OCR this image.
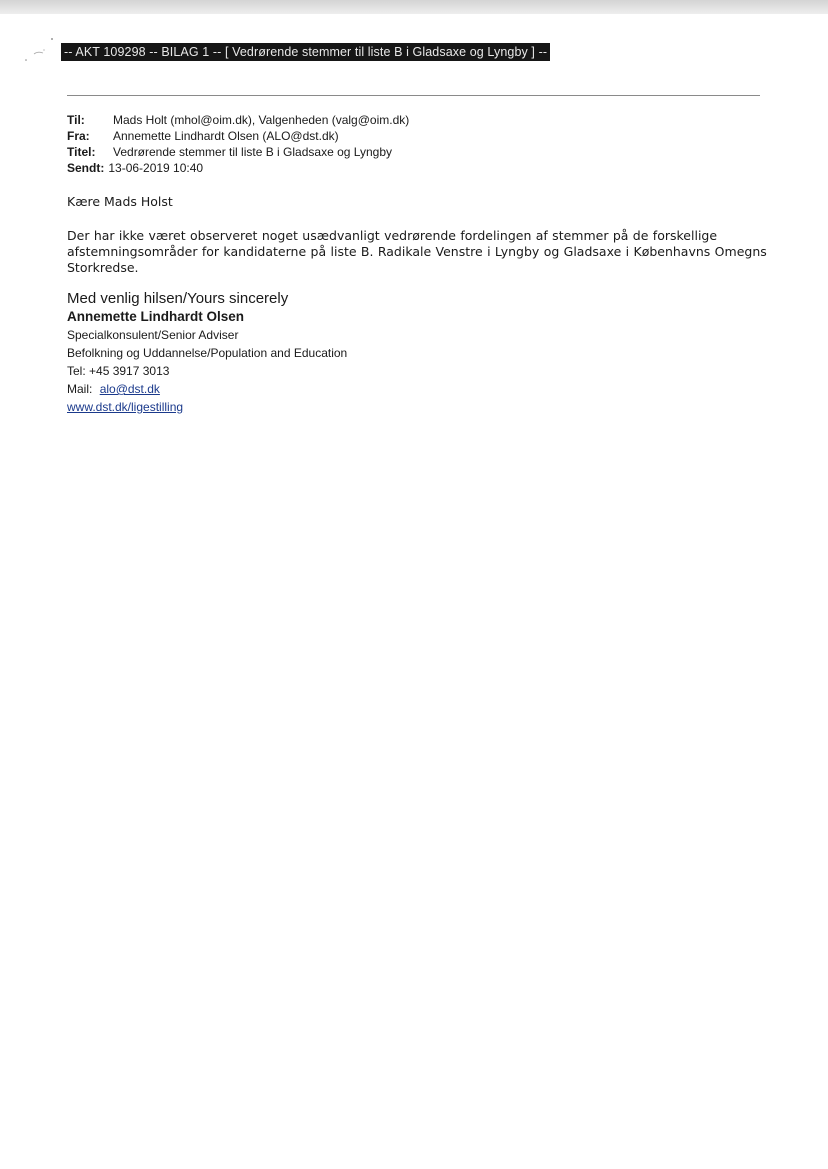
-- AKT 109298 -- BILAG 1 -- [ Vedrørende stemmer til liste B i Gladsaxe og Lyngby ] --
Til:	Mads Holt (mhol@oim.dk), Valgenheden (valg@oim.dk)
Fra:	Annemette Lindhardt Olsen (ALO@dst.dk)
Titel:	Vedrørende stemmer til liste B i Gladsaxe og Lyngby
Sendt: 13-06-2019 10:40
Kære Mads Holst
Der har ikke været observeret noget usædvanligt vedrørende fordelingen af stemmer på de forskellige afstemningsområder for kandidaterne på liste B. Radikale Venstre i Lyngby og Gladsaxe i Københavns Omegns Storkredse.
Med venlig hilsen/Yours sincerely
Annemette Lindhardt Olsen
Specialkonsulent/Senior Adviser
Befolkning og Uddannelse/Population and Education
Tel: +45 3917 3013
Mail: alo@dst.dk
www.dst.dk/ligestilling
